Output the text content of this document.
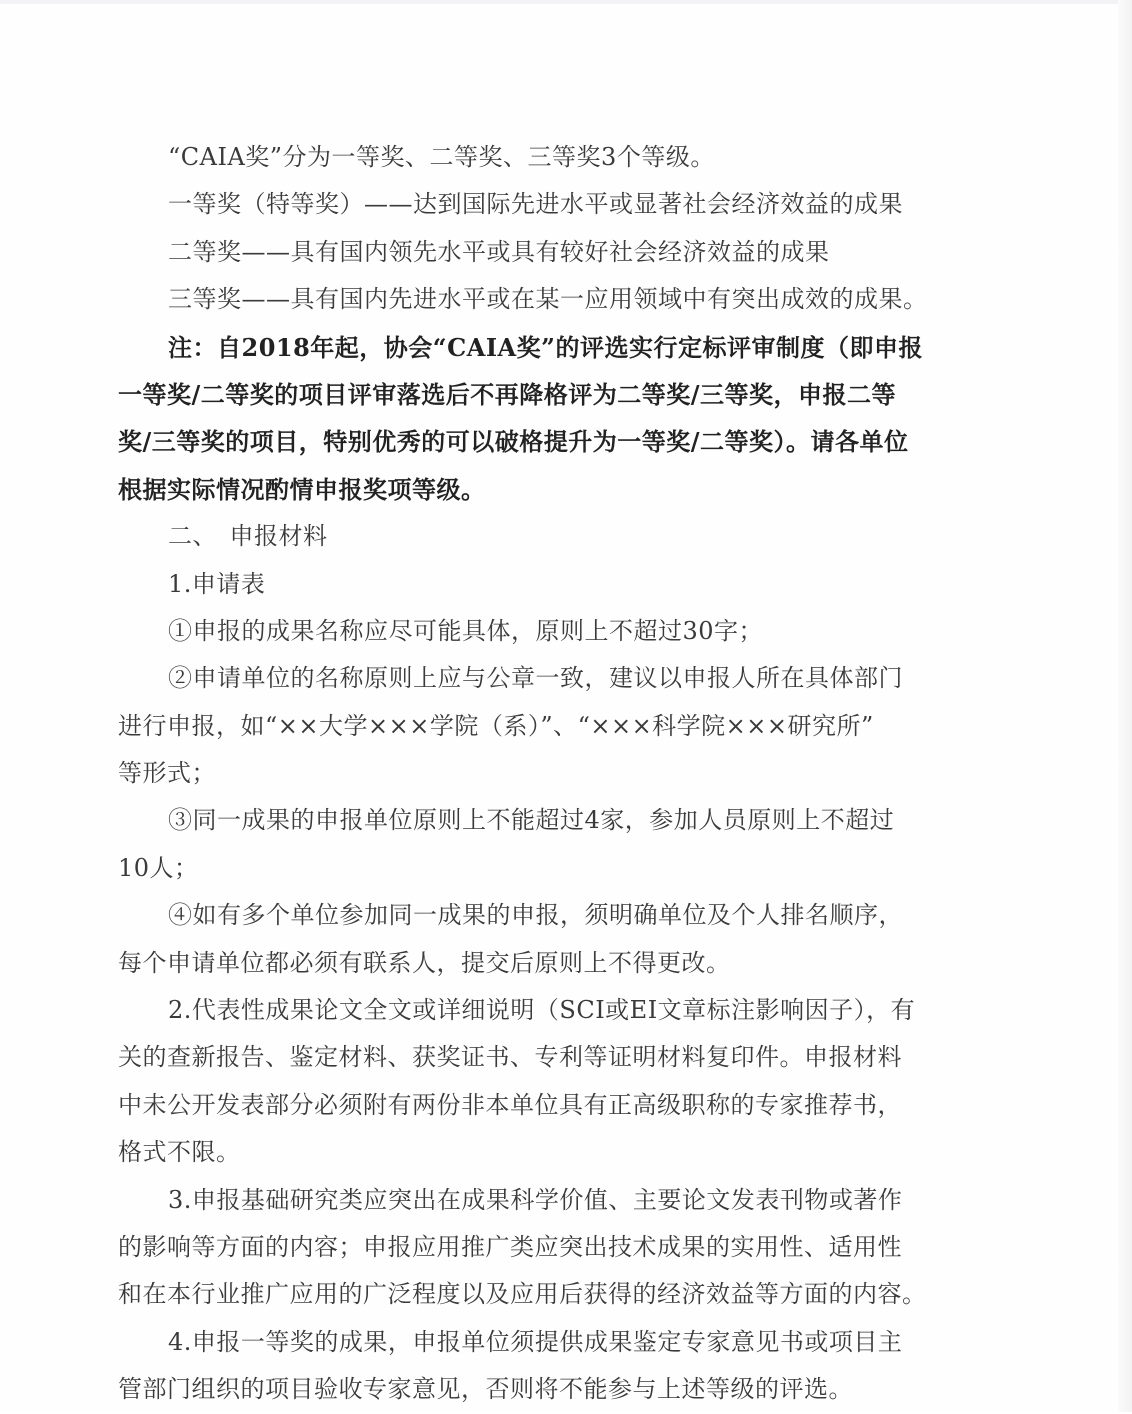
“CAIA奖”分为一等奖、二等奖、三等奖3个等级。
一等奖（特等奖）——达到国际先进水平或显著社会经济效益的成果
二等奖——具有国内领先水平或具有较好社会经济效益的成果
三等奖——具有国内先进水平或在某一应用领域中有突出成效的成果。
注：自2018年起，协会“CAIA奖”的评选实行定标评审制度（即申报
一等奖/二等奖的项目评审落选后不再降格评为二等奖/三等奖，申报二等
奖/三等奖的项目，特别优秀的可以破格提升为一等奖/二等奖）。请各单位
根据实际情况酌情申报奖项等级。
二、　申报材料
1.申请表
①申报的成果名称应尽可能具体，原则上不超过30字；
②申请单位的名称原则上应与公章一致，建议以申报人所在具体部门
进行申报，如“××大学×××学院（系）”、“×××科学院×××研究所”
等形式；
③同一成果的申报单位原则上不能超过4家，参加人员原则上不超过
10人；
④如有多个单位参加同一成果的申报，须明确单位及个人排名顺序，
每个申请单位都必须有联系人，提交后原则上不得更改。
2.代表性成果论文全文或详细说明（SCI或EI文章标注影响因子），有
关的查新报告、鉴定材料、获奖证书、专利等证明材料复印件。申报材料
中未公开发表部分必须附有两份非本单位具有正高级职称的专家推荐书，
格式不限。
3.申报基础研究类应突出在成果科学价值、主要论文发表刊物或著作
的影响等方面的内容；申报应用推广类应突出技术成果的实用性、适用性
和在本行业推广应用的广泛程度以及应用后获得的经济效益等方面的内容。
4.申报一等奖的成果，申报单位须提供成果鉴定专家意见书或项目主
管部门组织的项目验收专家意见，否则将不能参与上述等级的评选。
